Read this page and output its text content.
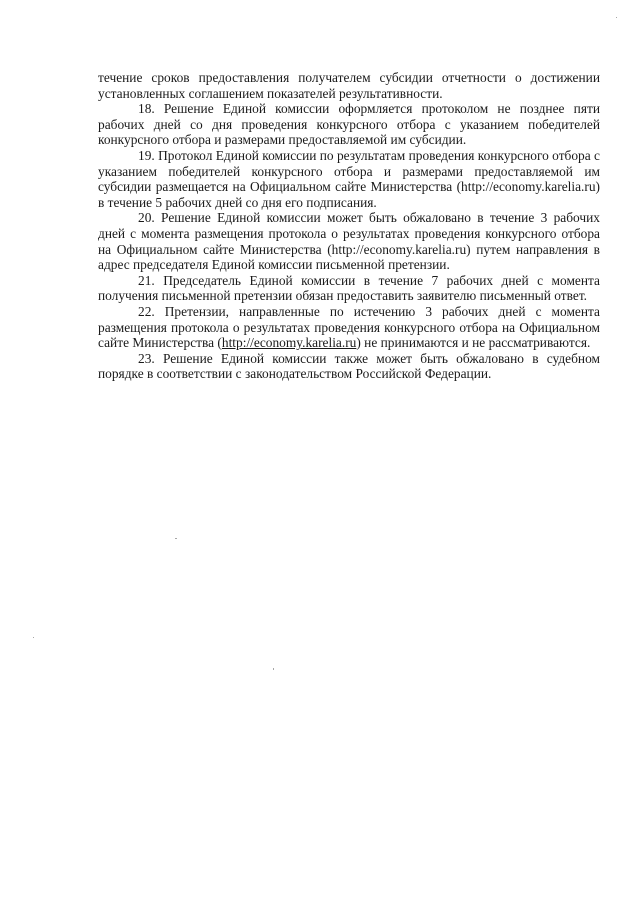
течение сроков предоставления получателем субсидии отчетности о достижении установленных соглашением показателей результативности.

18. Решение Единой комиссии оформляется протоколом не позднее пяти рабочих дней со дня проведения конкурсного отбора с указанием победителей конкурсного отбора и размерами предоставляемой им субсидии.

19. Протокол Единой комиссии по результатам проведения конкурсного отбора с указанием победителей конкурсного отбора и размерами предоставляемой им субсидии размещается на Официальном сайте Министерства (http://economy.karelia.ru) в течение 5 рабочих дней со дня его подписания.

20. Решение Единой комиссии может быть обжаловано в течение 3 рабочих дней с момента размещения протокола о результатах проведения конкурсного отбора на Официальном сайте Министерства (http://economy.karelia.ru) путем направления в адрес председателя Единой комиссии письменной претензии.

21. Председатель Единой комиссии в течение 7 рабочих дней с момента получения письменной претензии обязан предоставить заявителю письменный ответ.

22. Претензии, направленные по истечению 3 рабочих дней с момента размещения протокола о результатах проведения конкурсного отбора на Официальном сайте Министерства (http://economy.karelia.ru) не принимаются и не рассматриваются.

23. Решение Единой комиссии также может быть обжаловано в судебном порядке в соответствии с законодательством Российской Федерации.
